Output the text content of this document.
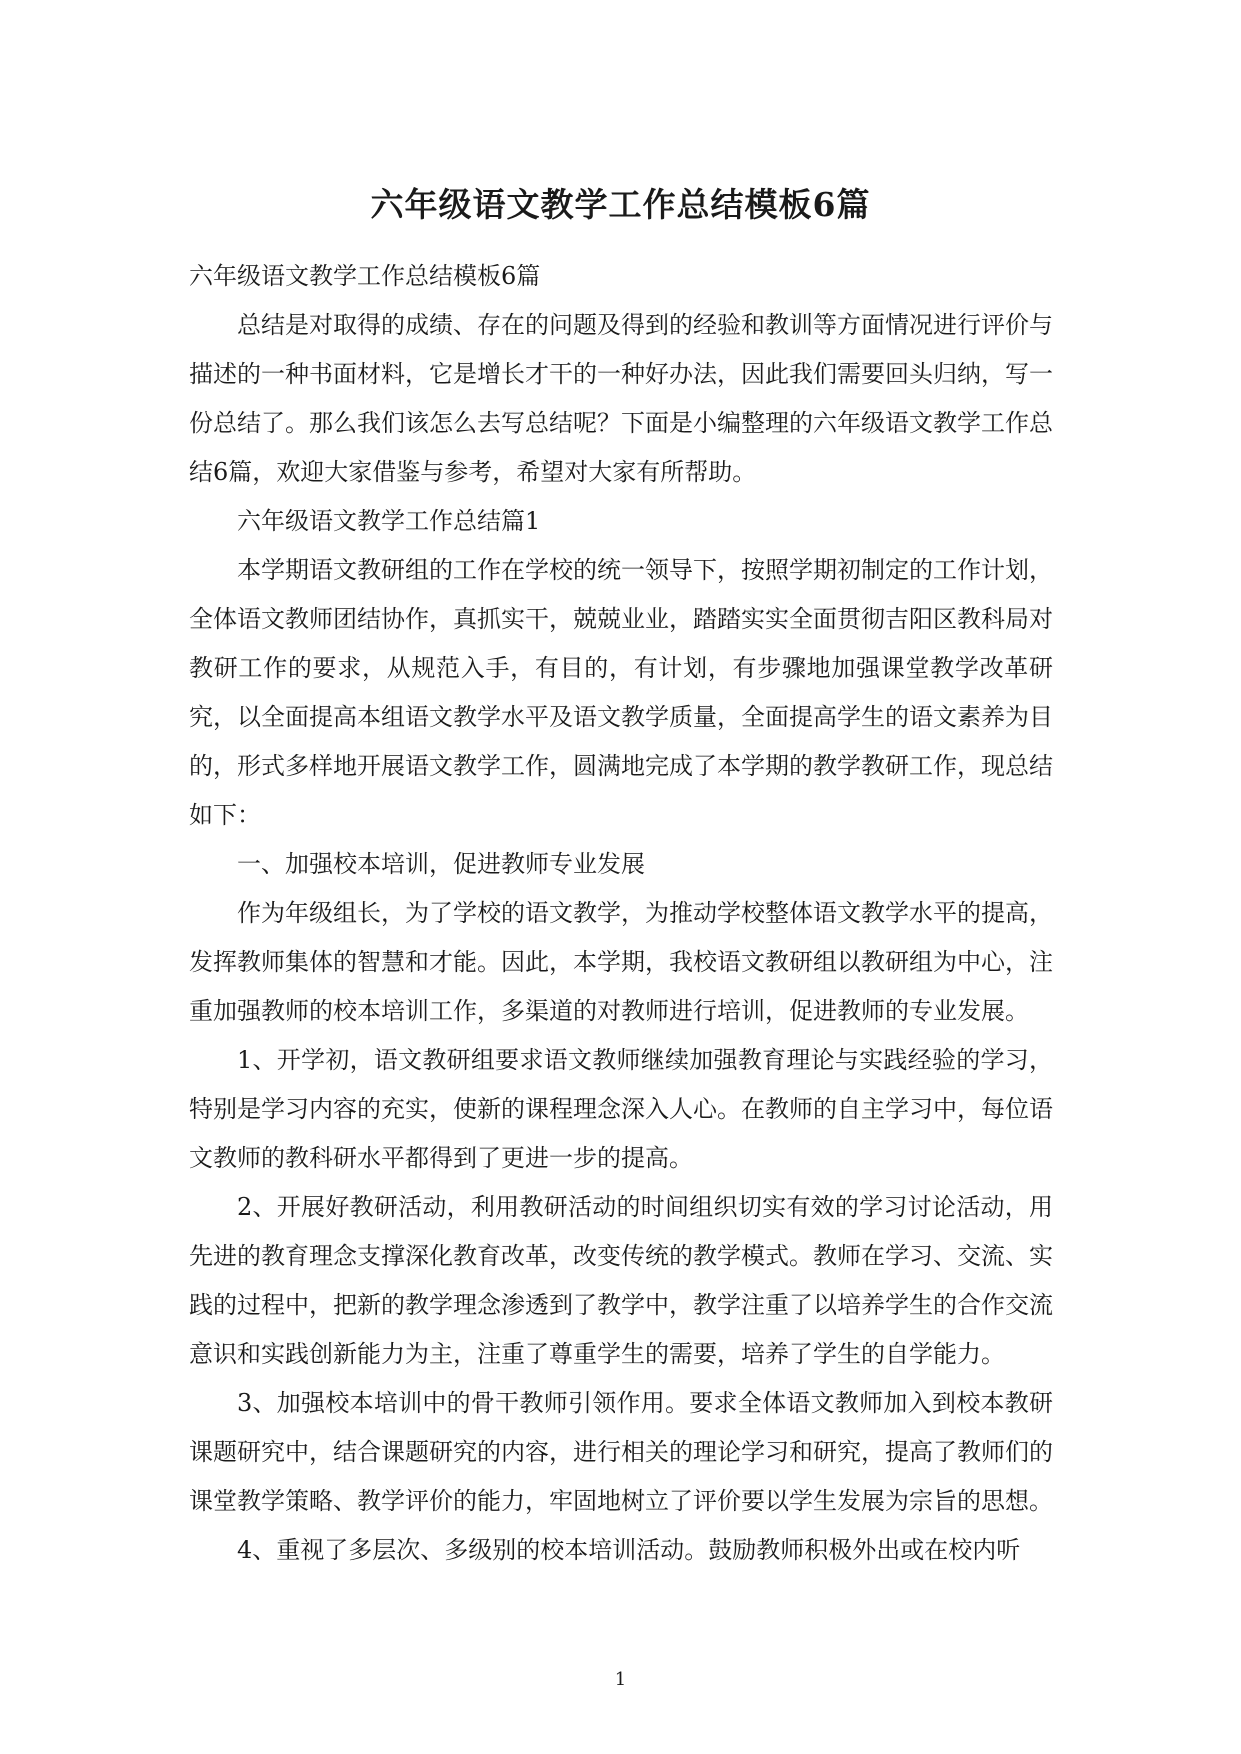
六年级语文教学工作总结模板6篇

六年级语文教学工作总结模板6篇

总结是对取得的成绩、存在的问题及得到的经验和教训等方面情况进行评价与描述的一种书面材料，它是增长才干的一种好办法，因此我们需要回头归纳，写一份总结了。那么我们该怎么去写总结呢？下面是小编整理的六年级语文教学工作总结6篇，欢迎大家借鉴与参考，希望对大家有所帮助。

六年级语文教学工作总结篇1

本学期语文教研组的工作在学校的统一领导下，按照学期初制定的工作计划，全体语文教师团结协作，真抓实干，兢兢业业，踏踏实实全面贯彻吉阳区教科局对教研工作的要求，从规范入手，有目的，有计划，有步骤地加强课堂教学改革研究，以全面提高本组语文教学水平及语文教学质量，全面提高学生的语文素养为目的，形式多样地开展语文教学工作，圆满地完成了本学期的教学教研工作，现总结如下：

一、加强校本培训，促进教师专业发展

作为年级组长，为了学校的语文教学，为推动学校整体语文教学水平的提高，发挥教师集体的智慧和才能。因此，本学期，我校语文教研组以教研组为中心，注重加强教师的校本培训工作，多渠道的对教师进行培训，促进教师的专业发展。

1、开学初，语文教研组要求语文教师继续加强教育理论与实践经验的学习，特别是学习内容的充实，使新的课程理念深入人心。在教师的自主学习中，每位语文教师的教科研水平都得到了更进一步的提高。

2、开展好教研活动，利用教研活动的时间组织切实有效的学习讨论活动，用先进的教育理念支撑深化教育改革，改变传统的教学模式。教师在学习、交流、实践的过程中，把新的教学理念渗透到了教学中，教学注重了以培养学生的合作交流意识和实践创新能力为主，注重了尊重学生的需要，培养了学生的自学能力。

3、加强校本培训中的骨干教师引领作用。要求全体语文教师加入到校本教研课题研究中，结合课题研究的内容，进行相关的理论学习和研究，提高了教师们的课堂教学策略、教学评价的能力，牢固地树立了评价要以学生发展为宗旨的思想。

4、重视了多层次、多级别的校本培训活动。鼓励教师积极外出或在校内听

1
